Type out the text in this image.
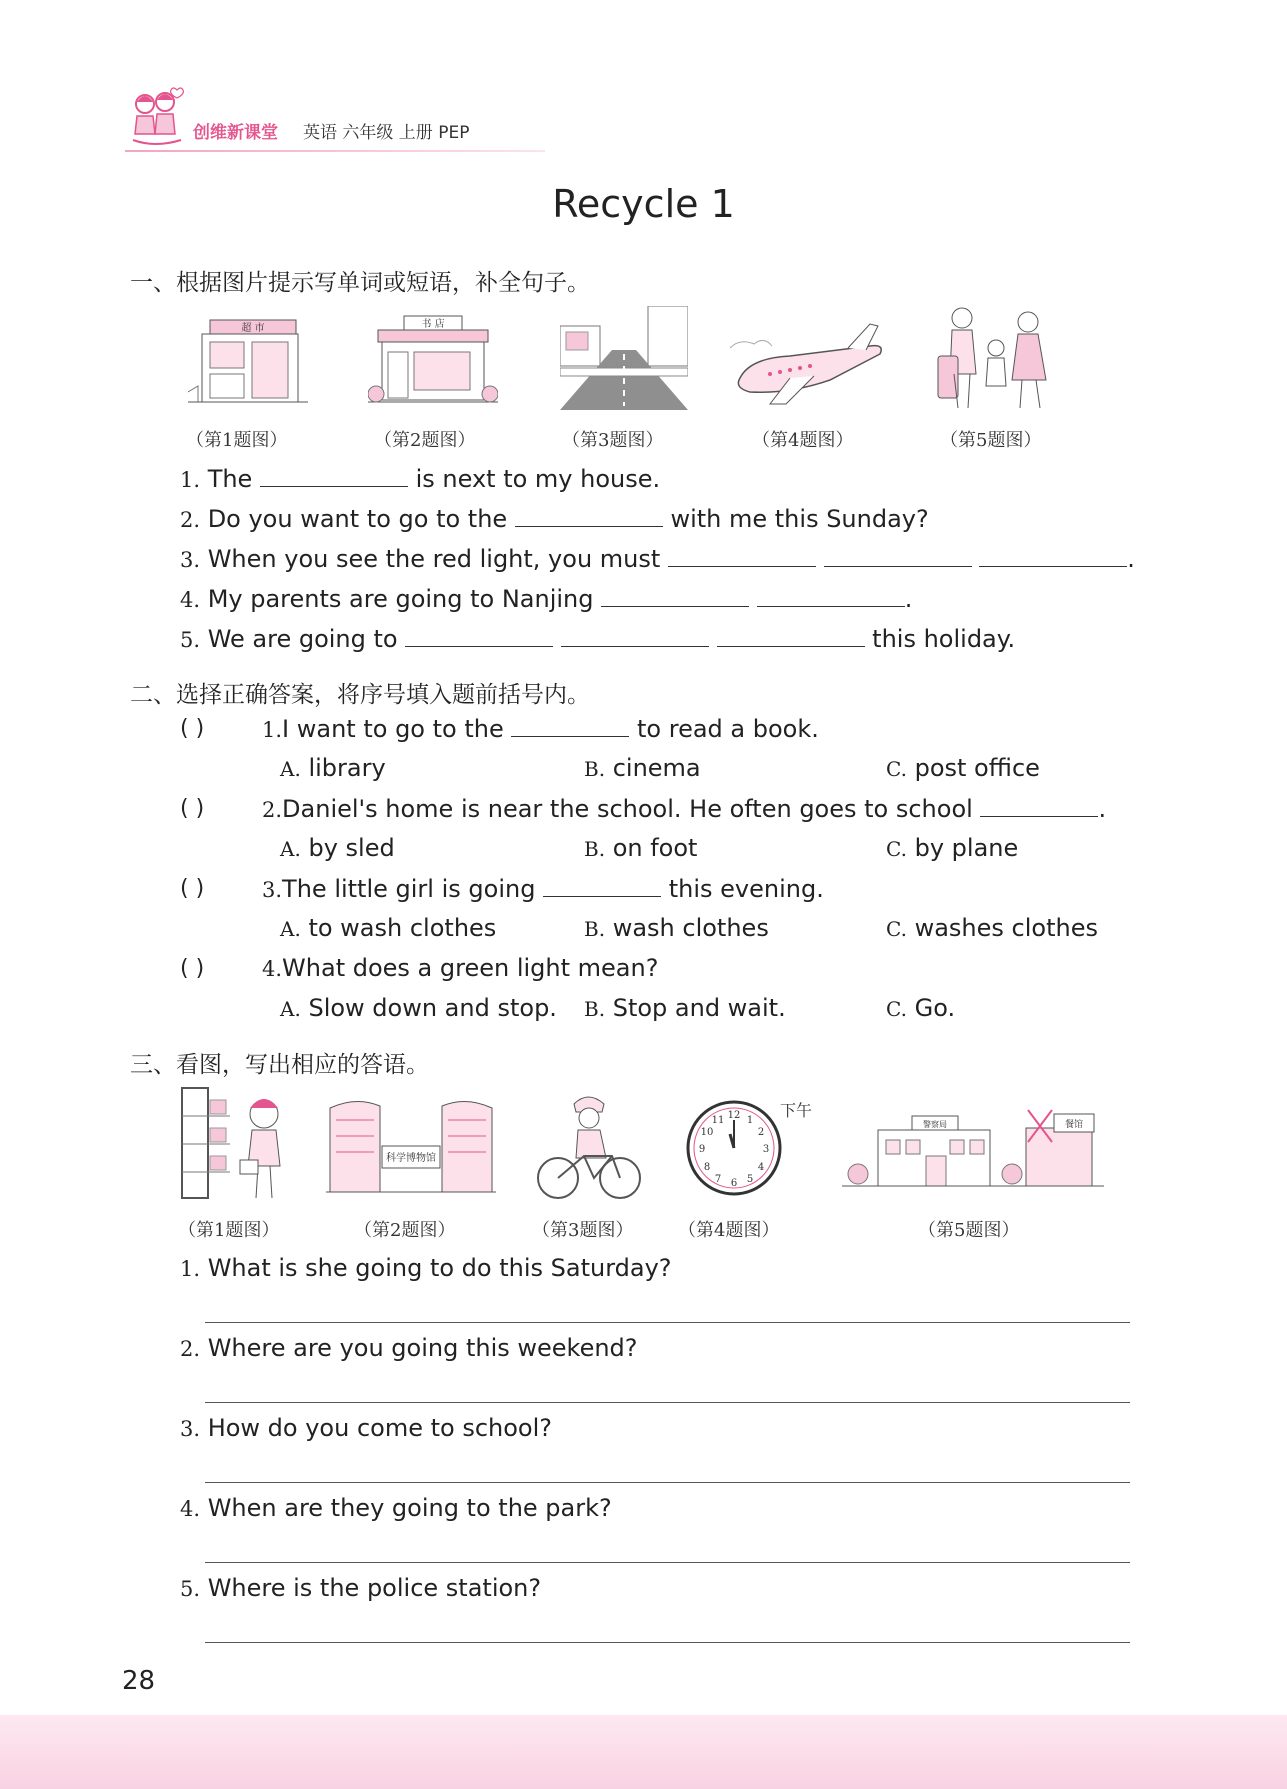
创维新课堂 英语 六年级 上册 PEP
Recycle 1
一、根据图片提示写单词或短语，补全句子。
超 市	书 店
（第1题图）	（第2题图）	（第3题图）	（第4题图）	（第5题图）
1. The	is next to my house.
2. Do you want to go to the	with me this Sunday?
3. When you see the red light, you must	.
4. My parents are going to Nanjing	.
5. We are going to	this holiday.
二、选择正确答案，将序号填入题前括号内。
( )	1.I want to go to the	to read a book.
A. library	B. cinema	C. post office
( )	2.Daniel's home is near the school. He often goes to school	.
A. by sled	B. on foot	C. by plane
( )	3.The little girl is going	this evening.
A. to wash clothes	B. wash clothes	C. washes clothes
( )	4.What does a green light mean?
A. Slow down and stop. B. Stop and wait.	C. Go.
三、看图，写出相应的答语。
科学博物馆
12
3
6
9
1
2
4
5
7
8
10
11
下午
警察局	餐馆
（第1题图）	（第2题图）	（第3题图） （第4题图）	（第5题图）
1. What is she going to do this Saturday?
2. Where are you going this weekend?
3. How do you come to school?
4. When are they going to the park?
5. Where is the police station?
28
